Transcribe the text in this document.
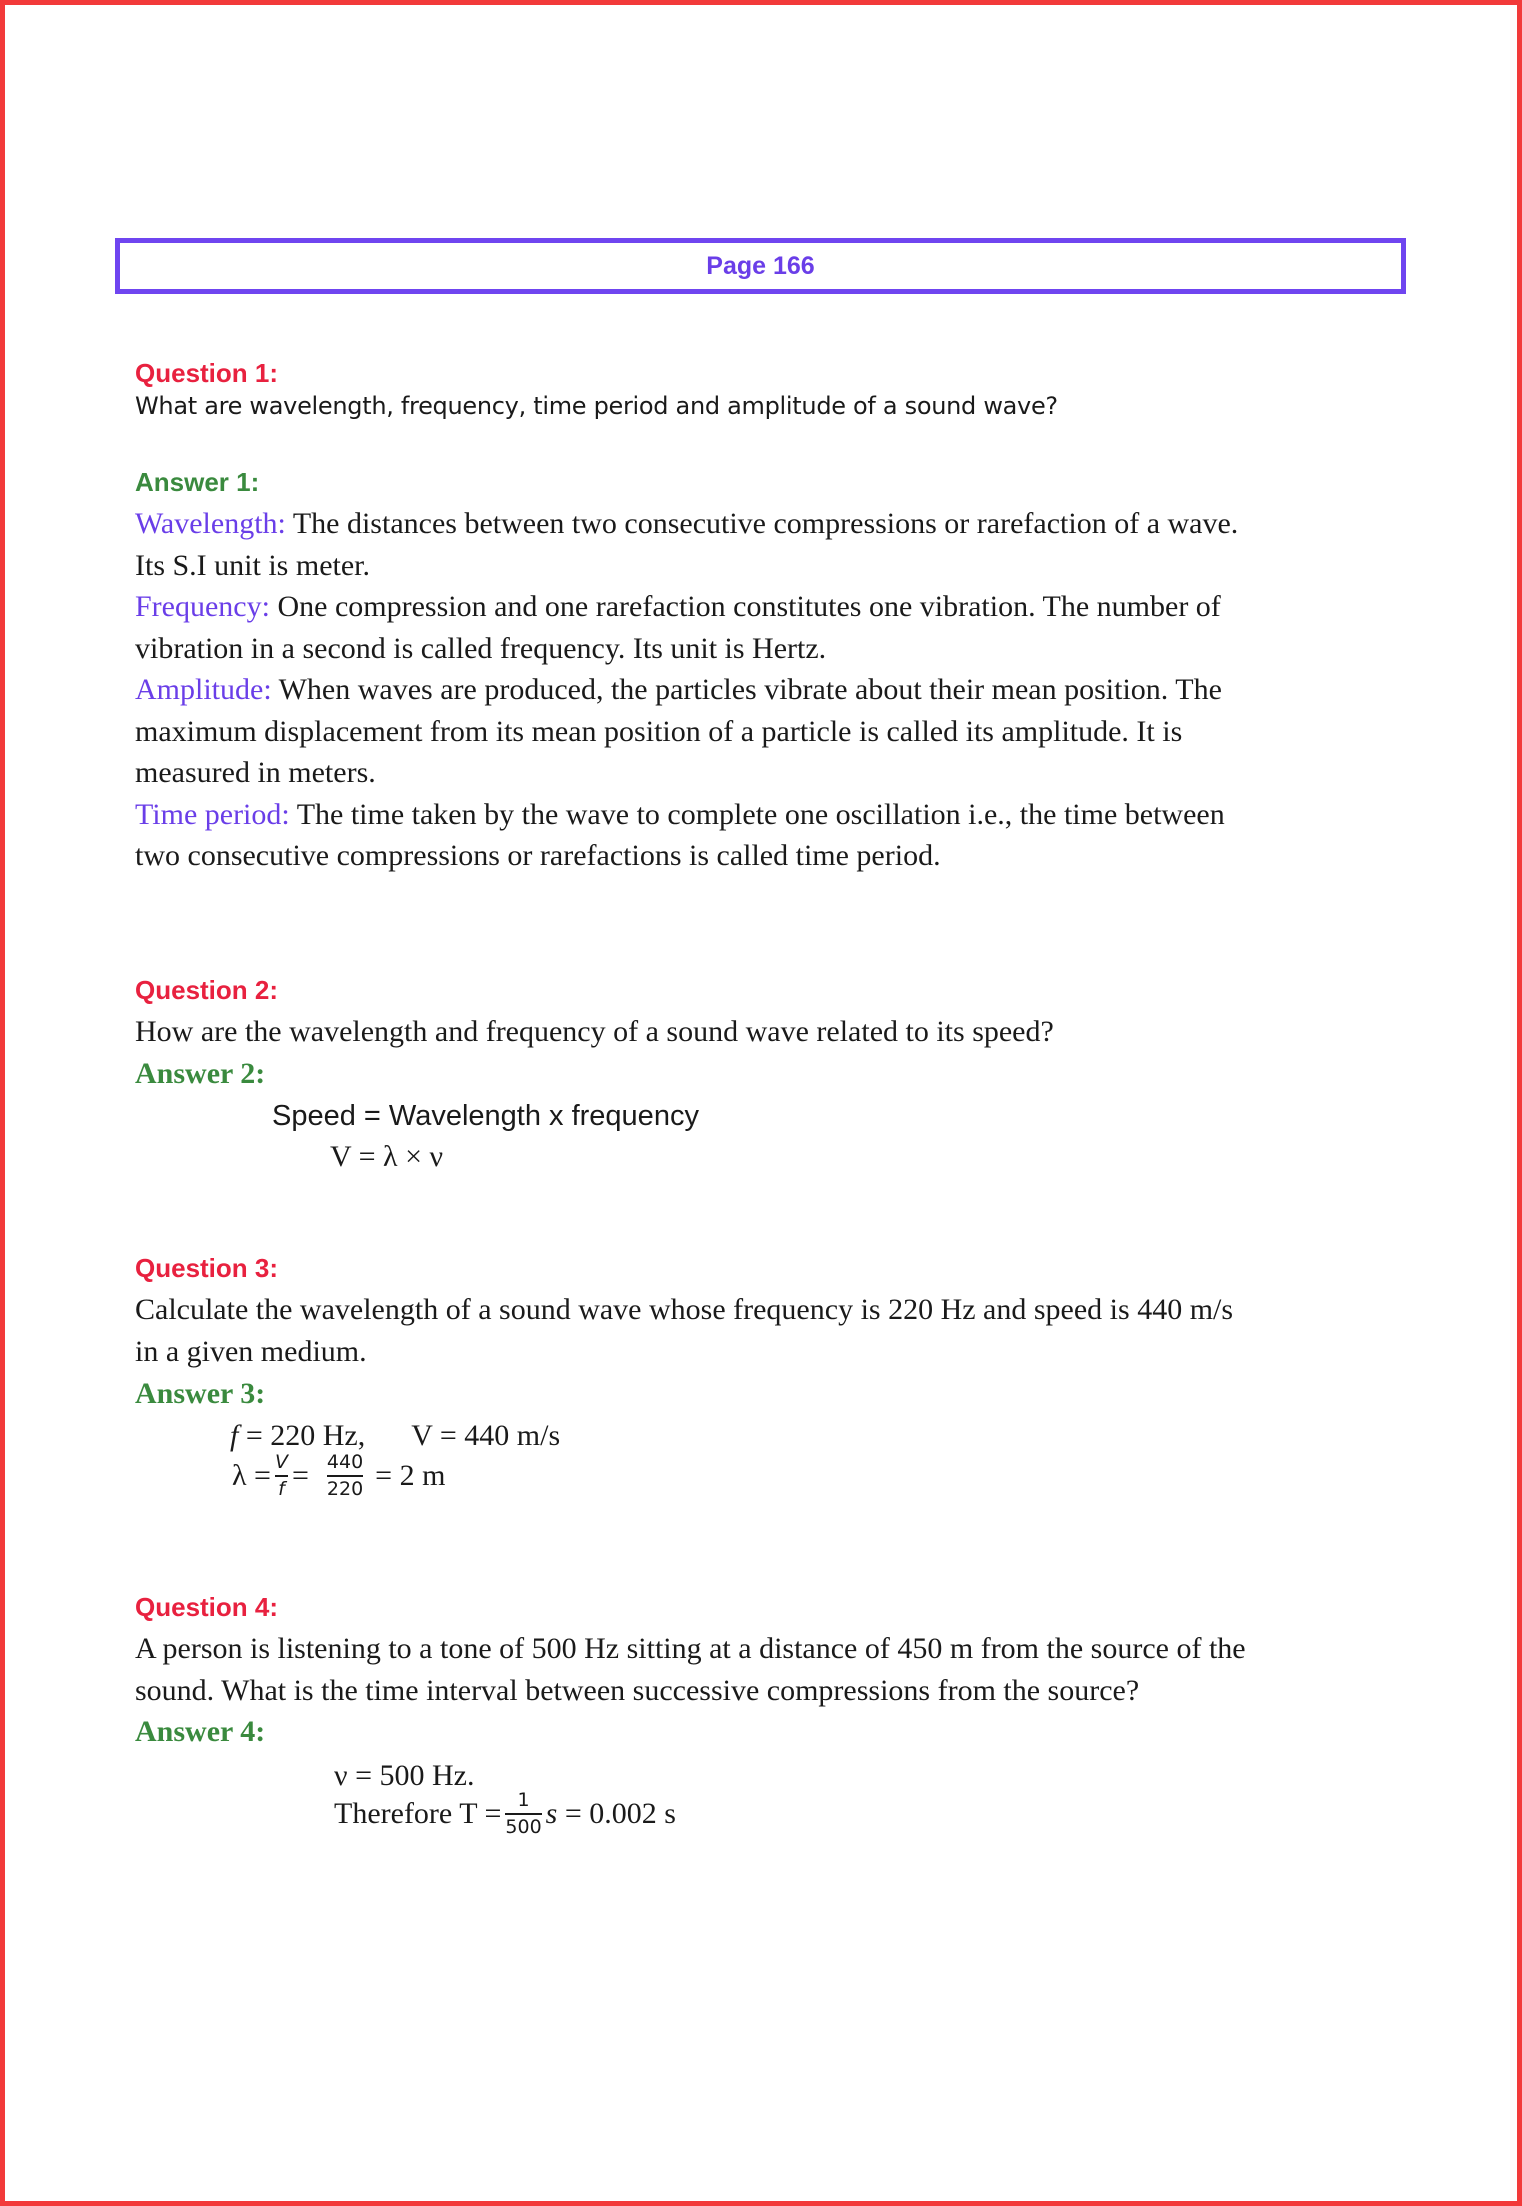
Page 166
Question 1:
What are wavelength, frequency, time period and amplitude of a sound wave?
Answer 1:
Wavelength: The distances between two consecutive compressions or rarefaction of a wave.
Its S.I unit is meter.
Frequency: One compression and one rarefaction constitutes one vibration. The number of
vibration in a second is called frequency. Its unit is Hertz.
Amplitude: When waves are produced, the particles vibrate about their mean position. The
maximum displacement from its mean position of a particle is called its amplitude. It is
measured in meters.
Time period: The time taken by the wave to complete one oscillation i.e., the time between
two consecutive compressions or rarefactions is called time period.
Question 2:
How are the wavelength and frequency of a sound wave related to its speed?
Answer 2:
Speed = Wavelength x frequency
V = λ × ν
Question 3:
Calculate the wavelength of a sound wave whose frequency is 220 Hz and speed is 440 m/s
in a given medium.
Answer 3:
f = 220 Hz, V = 440 m/s
$\lambda = \frac{V}{f} = \frac{440}{220} = 2$ m
Question 4:
A person is listening to a tone of 500 Hz sitting at a distance of 450 m from the source of the
sound. What is the time interval between successive compressions from the source?
Answer 4:
ν = 500 Hz.
Therefore $T = \frac{1}{500}$ s = 0.002 s
